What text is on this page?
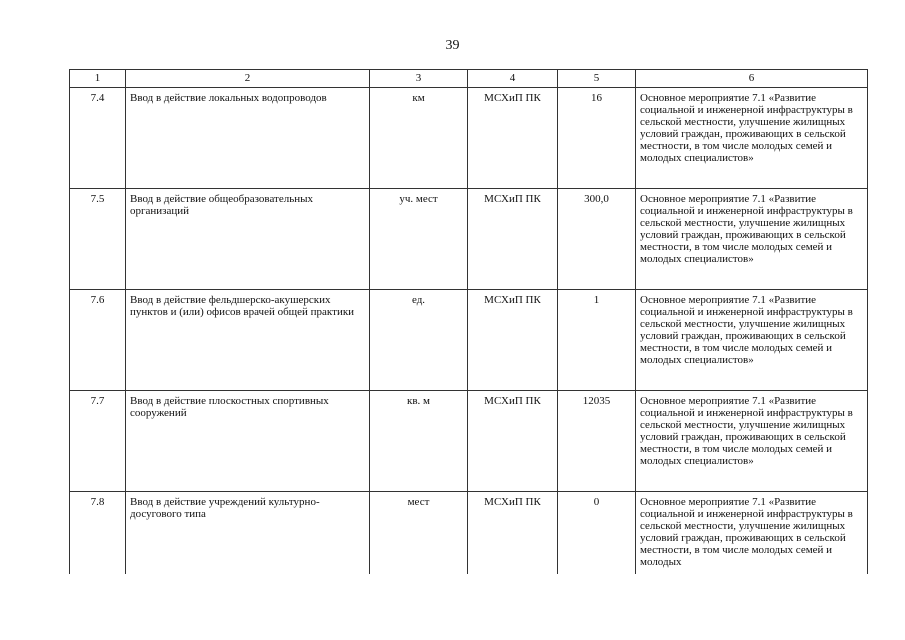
39
1	2	3	4	5	6
7.4	Ввод в действие локальных водопроводов	км	МСХиП ПК	16	Основное мероприятие 7.1 «Развитие социальной и инженерной инфраструктуры в сельской местности, улучшение жилищных условий граждан, проживающих в сельской местности, в том числе молодых семей и молодых специалистов»
7.5	Ввод в действие общеобразовательных организаций	уч. мест	МСХиП ПК	300,0	Основное мероприятие 7.1 «Развитие социальной и инженерной инфраструктуры в сельской местности, улучшение жилищных условий граждан, проживающих в сельской местности, в том числе молодых семей и молодых специалистов»
7.6	Ввод в действие фельдшерско-акушерских пунктов и (или) офисов врачей общей практики	ед.	МСХиП ПК	1	Основное мероприятие 7.1 «Развитие социальной и инженерной инфраструктуры в сельской местности, улучшение жилищных условий граждан, проживающих в сельской местности, в том числе молодых семей и молодых специалистов»
7.7	Ввод в действие плоскостных спортивных сооружений	кв. м	МСХиП ПК	12035	Основное мероприятие 7.1 «Развитие социальной и инженерной инфраструктуры в сельской местности, улучшение жилищных условий граждан, проживающих в сельской местности, в том числе молодых семей и молодых специалистов»
7.8	Ввод в действие учреждений культурно-досугового типа	мест	МСХиП ПК	0	Основное мероприятие 7.1 «Развитие социальной и инженерной инфраструктуры в сельской местности, улучшение жилищных условий граждан, проживающих в сельской местности, в том числе молодых семей и молодых
